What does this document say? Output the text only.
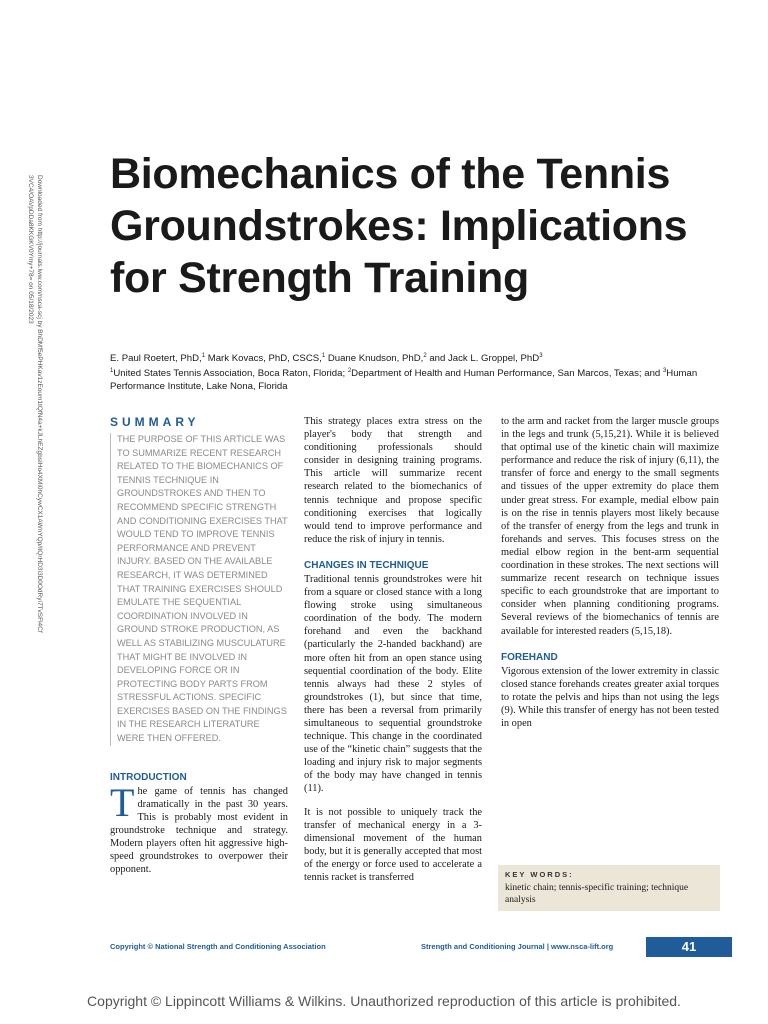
Downloaded from http://journals.lww.com/nsca-scj by BhDMf5ePHKav1zEoum1tQfN4a+kJLhEZgbsIHo4XMi0hCywCX1AWnYQp/IlQrHD3i3D0OdRyi7TvSFl4Cf3VC4/OAVpDDa8KKGKV0Ymy+78= on 05/18/2023
Biomechanics of the Tennis Groundstrokes: Implications for Strength Training
E. Paul Roetert, PhD,$^1$ Mark Kovacs, PhD, CSCS,$^1$ Duane Knudson, PhD,$^2$ and Jack L. Groppel, PhD$^3$
$^1$United States Tennis Association, Boca Raton, Florida; $^2$Department of Health and Human Performance, San Marcos, Texas; and $^3$Human Performance Institute, Lake Nona, Florida

SUMMARY

THE PURPOSE OF THIS ARTICLE WAS TO SUMMARIZE RECENT RESEARCH RELATED TO THE BIOMECHANICS OF TENNIS TECHNIQUE IN GROUNDSTROKES AND THEN TO RECOMMEND SPECIFIC STRENGTH AND CONDITIONING EXERCISES THAT WOULD TEND TO IMPROVE TENNIS PERFORMANCE AND PREVENT INJURY. BASED ON THE AVAILABLE RESEARCH, IT WAS DETERMINED THAT TRAINING EXERCISES SHOULD EMULATE THE SEQUENTIAL COORDINATION INVOLVED IN GROUND STROKE PRODUCTION, AS WELL AS STABILIZING MUSCULATURE THAT MIGHT BE INVOLVED IN DEVELOPING FORCE OR IN PROTECTING BODY PARTS FROM STRESSFUL ACTIONS. SPECIFIC EXERCISES BASED ON THE FINDINGS IN THE RESEARCH LITERATURE WERE THEN OFFERED.

INTRODUCTION

The game of tennis has changed dramatically in the past 30 years. This is probably most evident in groundstroke technique and strategy. Modern players often hit aggressive high-speed groundstrokes to overpower their opponent.

This strategy places extra stress on the player's body that strength and conditioning professionals should consider in designing training programs. This article will summarize recent research related to the biomechanics of tennis technique and propose specific conditioning exercises that logically would tend to improve performance and reduce the risk of injury in tennis.

CHANGES IN TECHNIQUE

Traditional tennis groundstrokes were hit from a square or closed stance with a long flowing stroke using simultaneous coordination of the body. The modern forehand and even the backhand (particularly the 2-handed backhand) are more often hit from an open stance using sequential coordination of the body. Elite tennis always had these 2 styles of groundstrokes (1), but since that time, there has been a reversal from primarily simultaneous to sequential groundstroke technique. This change in the coordinated use of the “kinetic chain” suggests that the loading and injury risk to major segments of the body may have changed in tennis (11).

It is not possible to uniquely track the transfer of mechanical energy in a 3-dimensional movement of the human body, but it is generally accepted that most of the energy or force used to accelerate a tennis racket is transferred

to the arm and racket from the larger muscle groups in the legs and trunk (5,15,21). While it is believed that optimal use of the kinetic chain will maximize performance and reduce the risk of injury (6,11), the transfer of force and energy to the small segments and tissues of the upper extremity do place them under great stress. For example, medial elbow pain is on the rise in tennis players most likely because of the transfer of energy from the legs and trunk in forehands and serves. This focuses stress on the medial elbow region in the bent-arm sequential coordination in these strokes. The next sections will summarize recent research on technique issues specific to each groundstroke that are important to consider when planning conditioning programs. Several reviews of the biomechanics of tennis are available for interested readers (5,15,18).

FOREHAND

Vigorous extension of the lower extremity in classic closed stance forehands creates greater axial torques to rotate the pelvis and hips than not using the legs (9). While this transfer of energy has not been tested in open

KEY WORDS:
kinetic chain; tennis-specific training; technique analysis
Copyright © National Strength and Conditioning Association	Strength and Conditioning Journal | www.nsca-lift.org	41
Copyright © Lippincott Williams & Wilkins. Unauthorized reproduction of this article is prohibited.
